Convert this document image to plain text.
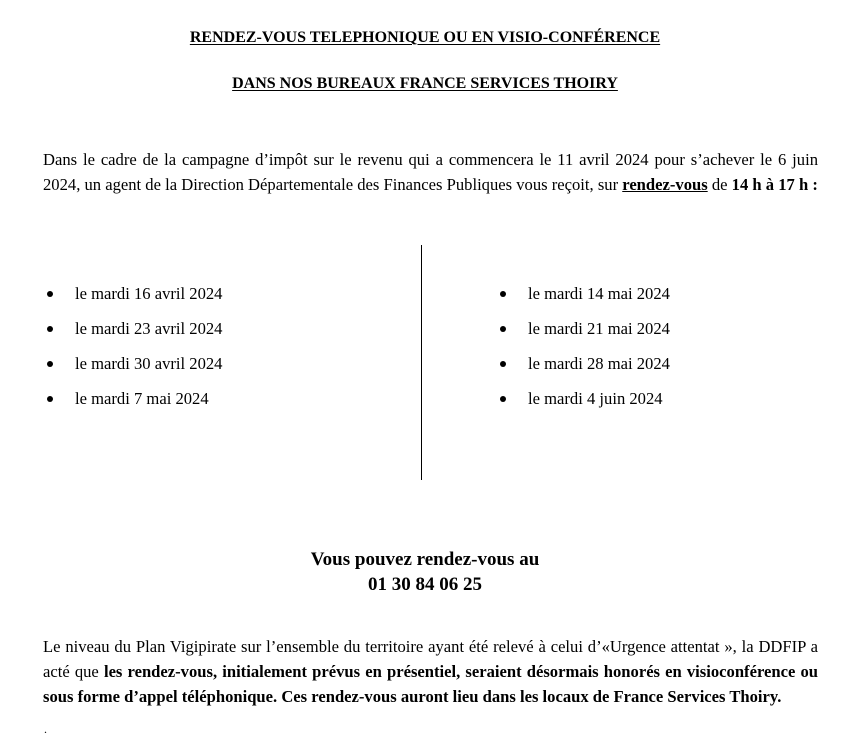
RENDEZ-VOUS TELEPHONIQUE OU EN VISIO-CONFÉRENCE
DANS NOS BUREAUX FRANCE SERVICES THOIRY
Dans le cadre de la campagne d’impôt sur le revenu qui a commencera le 11 avril 2024 pour s’achever le 6 juin 2024, un agent de la Direction Départementale des Finances Publiques vous reçoit, sur rendez-vous de 14 h à 17 h :
le mardi 16 avril 2024
le mardi 23 avril 2024
le mardi 30 avril 2024
le mardi 7 mai 2024
le mardi 14 mai 2024
le mardi 21 mai 2024
le mardi 28 mai 2024
le mardi 4 juin 2024
Vous pouvez rendez-vous au
01 30 84 06 25
Le niveau du Plan Vigipirate sur l’ensemble du territoire ayant été relevé à celui d’«Urgence attentat », la DDFIP a acté que les rendez-vous, initialement prévus en présentiel, seraient désormais honorés en visioconférence ou sous forme d’appel téléphonique. Ces rendez-vous auront lieu dans les locaux de France Services Thoiry.
.
